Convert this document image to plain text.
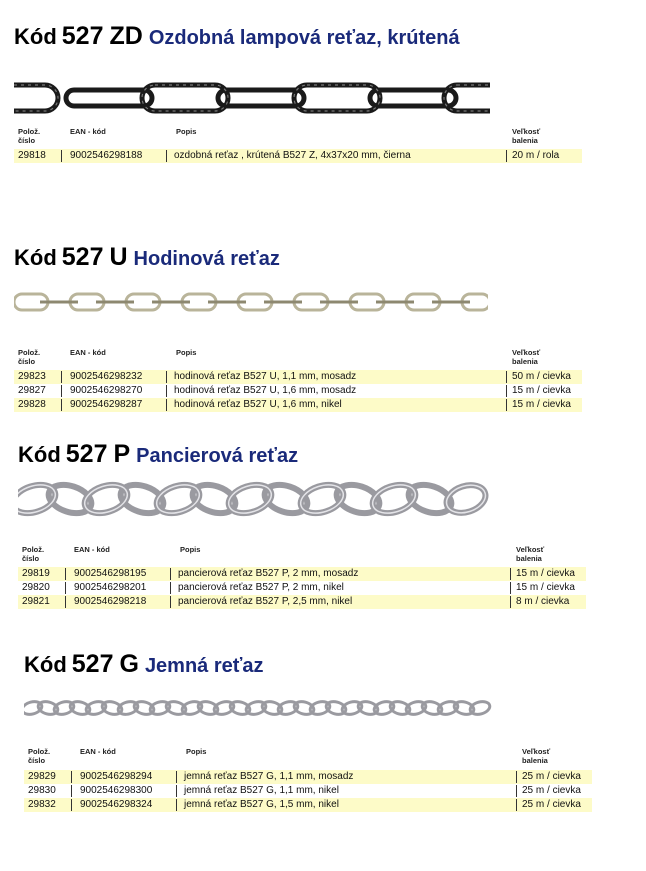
Kód 527 ZD Ozdobná lampová reťaz, krútená
Polož.
číslo
EAN - kód	Popis	Veľkosť
balenia
29818 9002546298188	ozdobná reťaz , krútená B527 Z, 4x37x20 mm, čierna	20 m / rola
Kód 527 U Hodinová reťaz
Polož.
číslo
EAN - kód	Popis	Veľkosť
balenia
29823 9002546298232	hodinová reťaz B527 U, 1,1 mm, mosadz	50 m / cievka
29827 9002546298270	hodinová reťaz B527 U, 1,6 mm, mosadz	15 m / cievka
29828 9002546298287	hodinová reťaz B527 U, 1,6 mm, nikel	15 m / cievka
Kód 527 P Pancierová reťaz
Polož.
číslo
EAN - kód	Popis	Veľkosť
balenia
29819 9002546298195	pancierová reťaz B527 P, 2 mm, mosadz	15 m / cievka
29820 9002546298201	pancierová reťaz B527 P, 2 mm, nikel	15 m / cievka
29821 9002546298218	pancierová reťaz B527 P, 2,5 mm, nikel	8 m / cievka
Kód 527 G Jemná reťaz
Polož.
číslo
EAN - kód	Popis	Veľkosť
balenia
29829 9002546298294	jemná reťaz B527 G, 1,1 mm, mosadz	25 m / cievka
29830 9002546298300	jemná reťaz B527 G, 1,1 mm, nikel	25 m / cievka
29832 9002546298324	jemná reťaz B527 G, 1,5 mm, nikel	25 m / cievka
